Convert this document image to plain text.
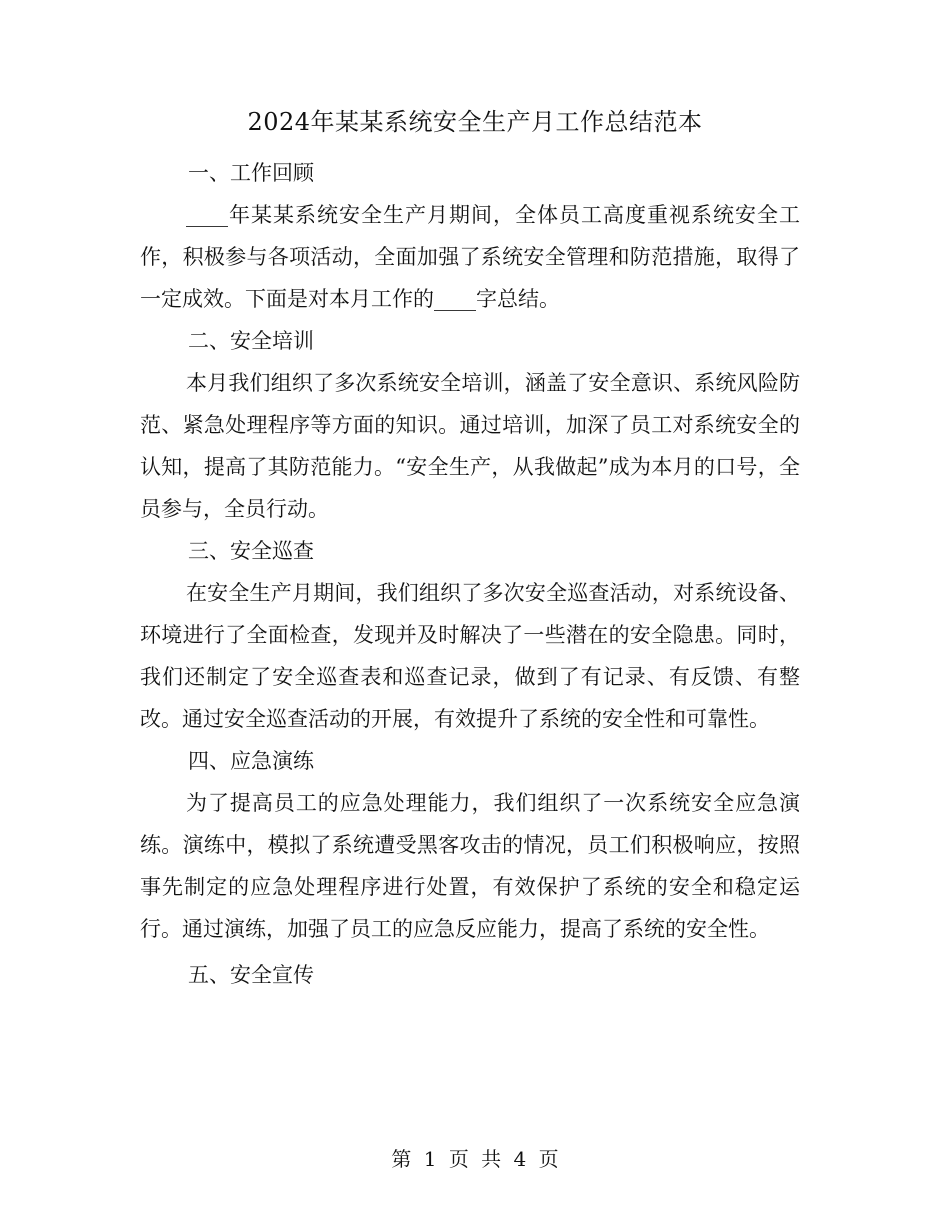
2024年某某系统安全生产月工作总结范本

一、工作回顾

____年某某系统安全生产月期间，全体员工高度重视系统安全工作，积极参与各项活动，全面加强了系统安全管理和防范措施，取得了一定成效。下面是对本月工作的____字总结。

二、安全培训

本月我们组织了多次系统安全培训，涵盖了安全意识、系统风险防范、紧急处理程序等方面的知识。通过培训，加深了员工对系统安全的认知，提高了其防范能力。“安全生产，从我做起”成为本月的口号，全员参与，全员行动。

三、安全巡查

在安全生产月期间，我们组织了多次安全巡查活动，对系统设备、环境进行了全面检查，发现并及时解决了一些潜在的安全隐患。同时，我们还制定了安全巡查表和巡查记录，做到了有记录、有反馈、有整改。通过安全巡查活动的开展，有效提升了系统的安全性和可靠性。

四、应急演练

为了提高员工的应急处理能力，我们组织了一次系统安全应急演练。演练中，模拟了系统遭受黑客攻击的情况，员工们积极响应，按照事先制定的应急处理程序进行处置，有效保护了系统的安全和稳定运行。通过演练，加强了员工的应急反应能力，提高了系统的安全性。

五、安全宣传

第 1 页 共 4 页
